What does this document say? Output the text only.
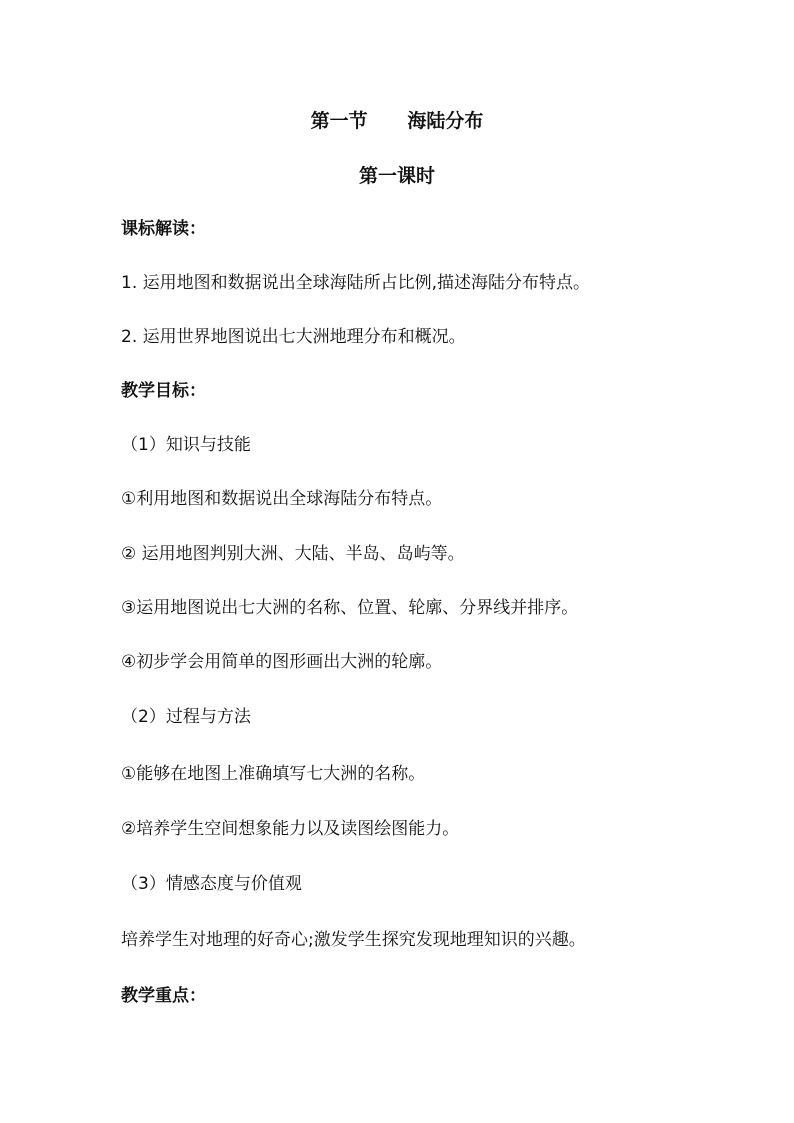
第一节      海陆分布
第一课时
课标解读：
1. 运用地图和数据说出全球海陆所占比例,描述海陆分布特点。
2. 运用世界地图说出七大洲地理分布和概况。
教学目标：
（1）知识与技能
①利用地图和数据说出全球海陆分布特点。
② 运用地图判别大洲、大陆、半岛、岛屿等。
③运用地图说出七大洲的名称、位置、轮廓、分界线并排序。
④初步学会用简单的图形画出大洲的轮廓。
（2）过程与方法
①能够在地图上准确填写七大洲的名称。
②培养学生空间想象能力以及读图绘图能力。
（3）情感态度与价值观
培养学生对地理的好奇心;激发学生探究发现地理知识的兴趣。
教学重点：
